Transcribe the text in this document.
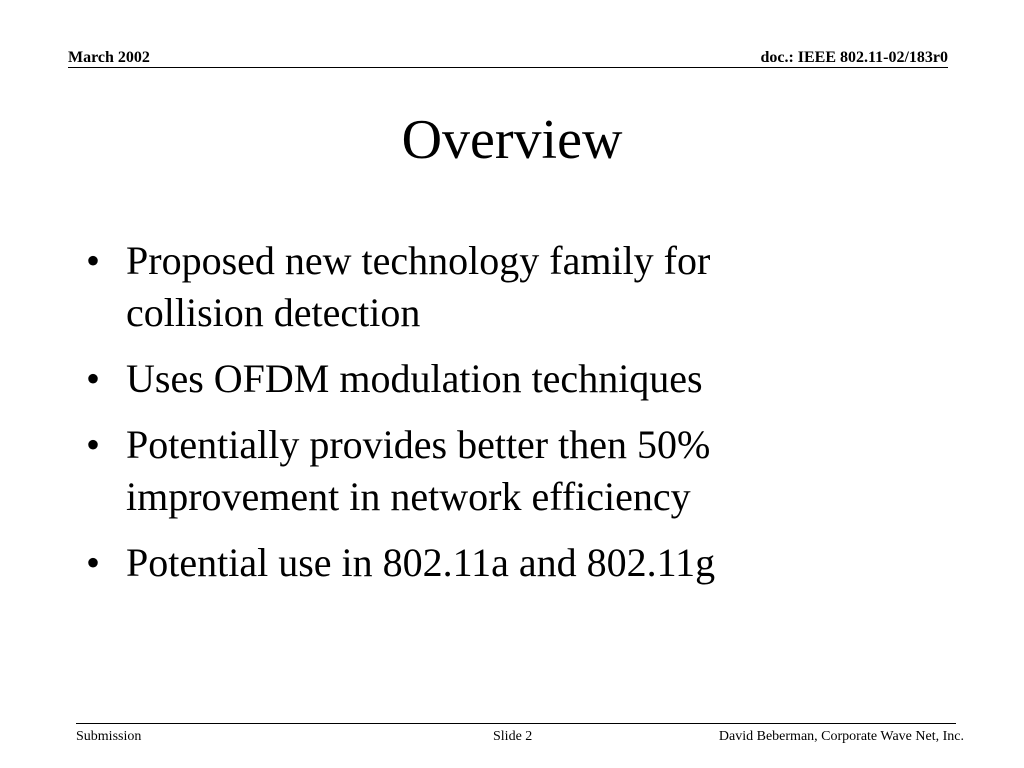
March 2002	doc.: IEEE 802.11-02/183r0
Overview
• Proposed new technology family for collision detection
• Uses OFDM modulation techniques
• Potentially provides better then 50% improvement in network efficiency
• Potential use in 802.11a and 802.11g
Submission	Slide 2	David Beberman, Corporate Wave Net, Inc.
